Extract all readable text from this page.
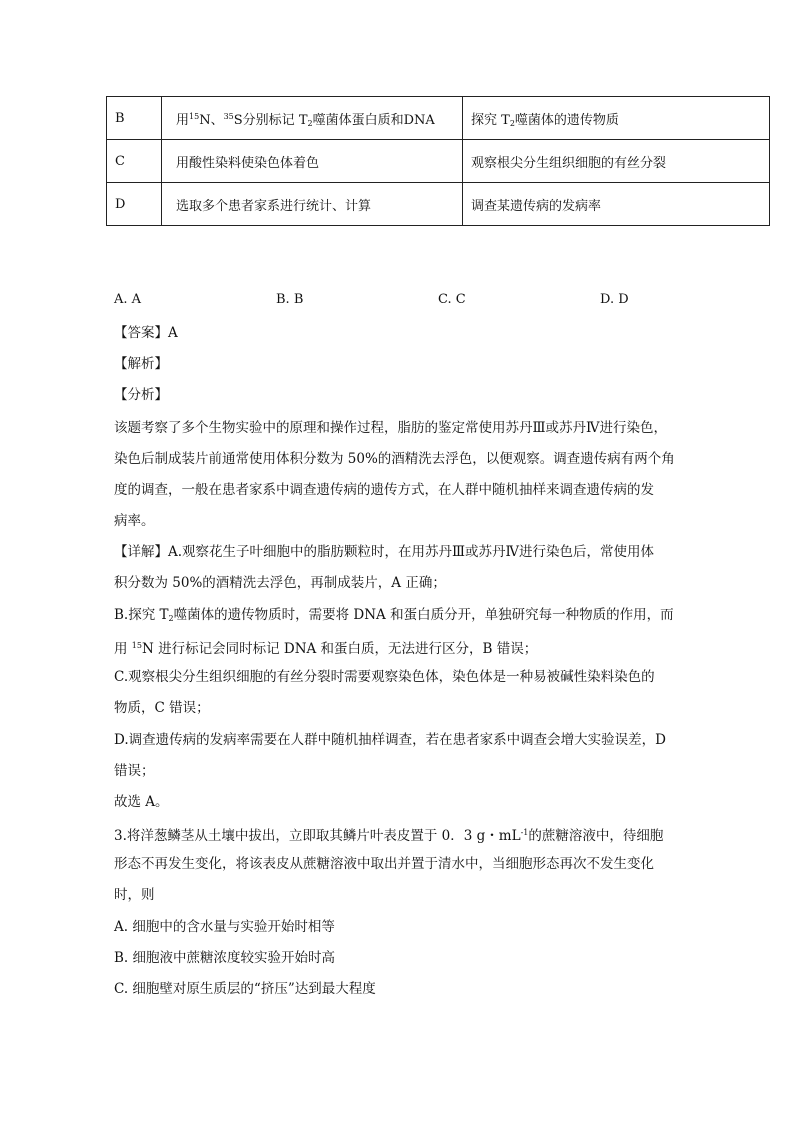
B	用$^{15}$N、$^{35}$S分别标记 $T_2$噬菌体蛋白质和DNA	探究 $T_2$噬菌体的遗传物质
C	用酸性染料使染色体着色	观察根尖分生组织细胞的有丝分裂
D	选取多个患者家系进行统计、计算	调查某遗传病的发病率
A. A	B. B	C. C	D. D
【答案】A
【解析】
【分析】
该题考察了多个生物实验中的原理和操作过程，脂肪的鉴定常使用苏丹Ⅲ或苏丹Ⅳ进行染色，
染色后制成装片前通常使用体积分数为 50%的酒精洗去浮色，以便观察。调查遗传病有两个角
度的调查，一般在患者家系中调查遗传病的遗传方式，在人群中随机抽样来调查遗传病的发
病率。
【详解】A.观察花生子叶细胞中的脂肪颗粒时，在用苏丹Ⅲ或苏丹Ⅳ进行染色后，常使用体
积分数为 50%的酒精洗去浮色，再制成装片，A 正确；
B.探究 $T_2$噬菌体的遗传物质时，需要将 DNA 和蛋白质分开，单独研究每一种物质的作用，而
用 $^{15}$N 进行标记会同时标记 DNA 和蛋白质，无法进行区分，B 错误；
C.观察根尖分生组织细胞的有丝分裂时需要观察染色体，染色体是一种易被碱性染料染色的
物质，C 错误；
D.调查遗传病的发病率需要在人群中随机抽样调查，若在患者家系中调查会增大实验误差，D
错误；
故选 A。
3.将洋葱鳞茎从土壤中拔出，立即取其鳞片叶表皮置于 0．3 g・$mL^{-1}$的蔗糖溶液中，待细胞
形态不再发生变化，将该表皮从蔗糖溶液中取出并置于清水中，当细胞形态再次不发生变化
时，则
A. 细胞中的含水量与实验开始时相等
B. 细胞液中蔗糖浓度较实验开始时高
C. 细胞壁对原生质层的“挤压”达到最大程度
